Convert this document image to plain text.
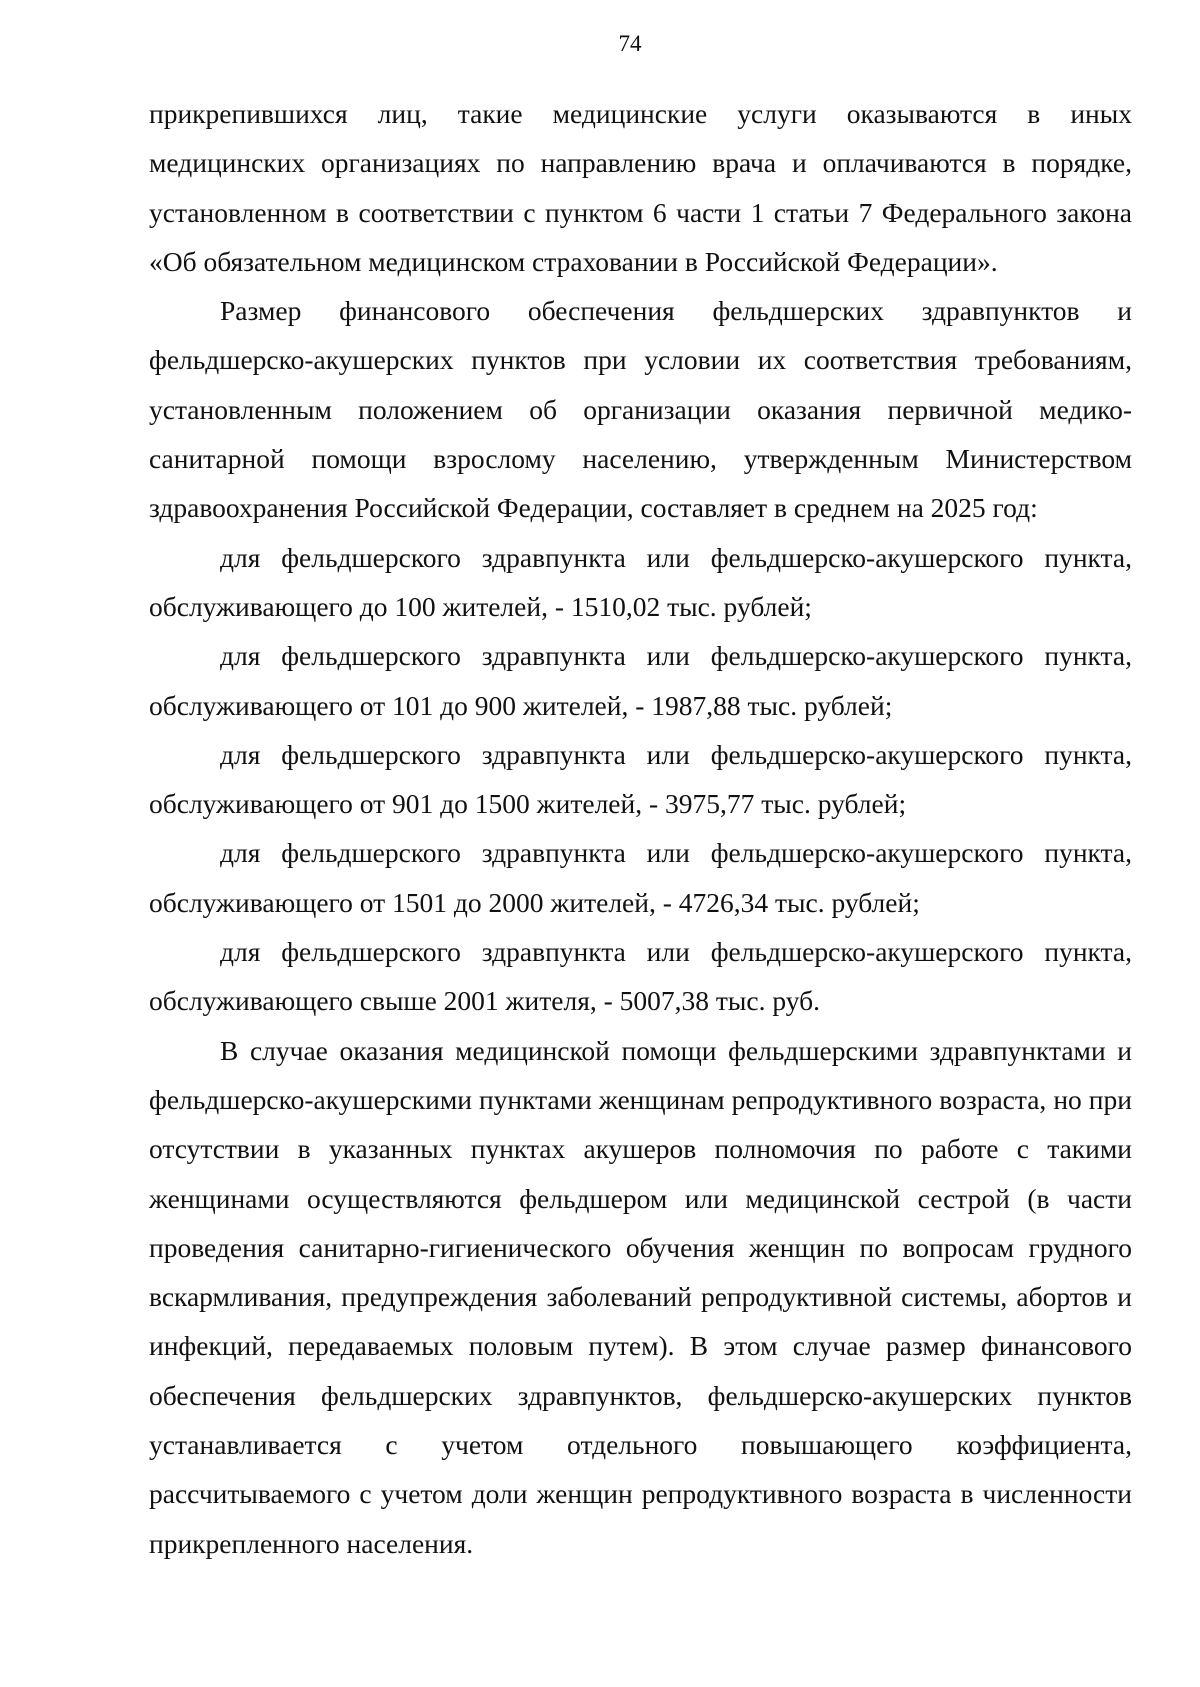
74

прикрепившихся лиц, такие медицинские услуги оказываются в иных медицинских организациях по направлению врача и оплачиваются в порядке, установленном в соответствии с пунктом 6 части 1 статьи 7 Федерального закона «Об обязательном медицинском страховании в Российской Федерации».

Размер финансового обеспечения фельдшерских здравпунктов и фельдшерско-акушерских пунктов при условии их соответствия требованиям, установленным положением об организации оказания первичной медико-санитарной помощи взрослому населению, утвержденным Министерством здравоохранения Российской Федерации, составляет в среднем на 2025 год:

для фельдшерского здравпункта или фельдшерско-акушерского пункта, обслуживающего до 100 жителей, - 1510,02 тыс. рублей;

для фельдшерского здравпункта или фельдшерско-акушерского пункта, обслуживающего от 101 до 900 жителей, - 1987,88 тыс. рублей;

для фельдшерского здравпункта или фельдшерско-акушерского пункта, обслуживающего от 901 до 1500 жителей, - 3975,77 тыс. рублей;

для фельдшерского здравпункта или фельдшерско-акушерского пункта, обслуживающего от 1501 до 2000 жителей, - 4726,34 тыс. рублей;

для фельдшерского здравпункта или фельдшерско-акушерского пункта, обслуживающего свыше 2001 жителя, - 5007,38 тыс. руб.

В случае оказания медицинской помощи фельдшерскими здравпунктами и фельдшерско-акушерскими пунктами женщинам репродуктивного возраста, но при отсутствии в указанных пунктах акушеров полномочия по работе с такими женщинами осуществляются фельдшером или медицинской сестрой (в части проведения санитарно-гигиенического обучения женщин по вопросам грудного вскармливания, предупреждения заболеваний репродуктивной системы, абортов и инфекций, передаваемых половым путем). В этом случае размер финансового обеспечения фельдшерских здравпунктов, фельдшерско-акушерских пунктов устанавливается с учетом отдельного повышающего коэффициента, рассчитываемого с учетом доли женщин репродуктивного возраста в численности прикрепленного населения.
